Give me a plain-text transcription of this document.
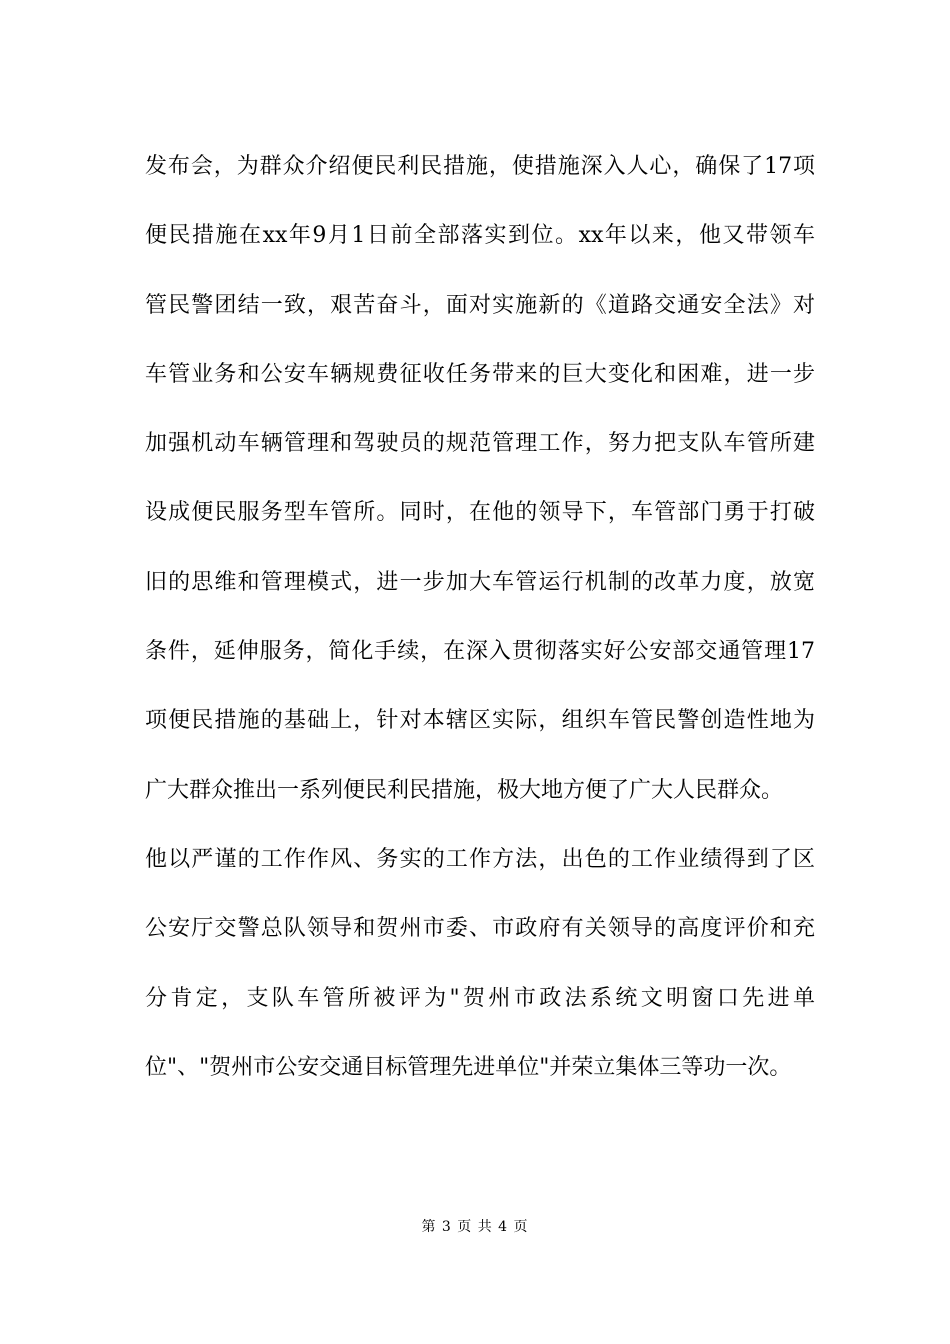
发布会，为群众介绍便民利民措施，使措施深入人心，确保了17项
便民措施在xx年9月1日前全部落实到位。xx年以来，他又带领车
管民警团结一致，艰苦奋斗，面对实施新的《道路交通安全法》对
车管业务和公安车辆规费征收任务带来的巨大变化和困难，进一步
加强机动车辆管理和驾驶员的规范管理工作，努力把支队车管所建
设成便民服务型车管所。同时，在他的领导下，车管部门勇于打破
旧的思维和管理模式，进一步加大车管运行机制的改革力度，放宽
条件，延伸服务，简化手续，在深入贯彻落实好公安部交通管理17
项便民措施的基础上，针对本辖区实际，组织车管民警创造性地为
广大群众推出一系列便民利民措施，极大地方便了广大人民群众。
他以严谨的工作作风、务实的工作方法，出色的工作业绩得到了区
公安厅交警总队领导和贺州市委、市政府有关领导的高度评价和充
分肯定，支队车管所被评为"贺州市政法系统文明窗口先进单
位"、"贺州市公安交通目标管理先进单位"并荣立集体三等功一次。
第 3 页 共 4 页
